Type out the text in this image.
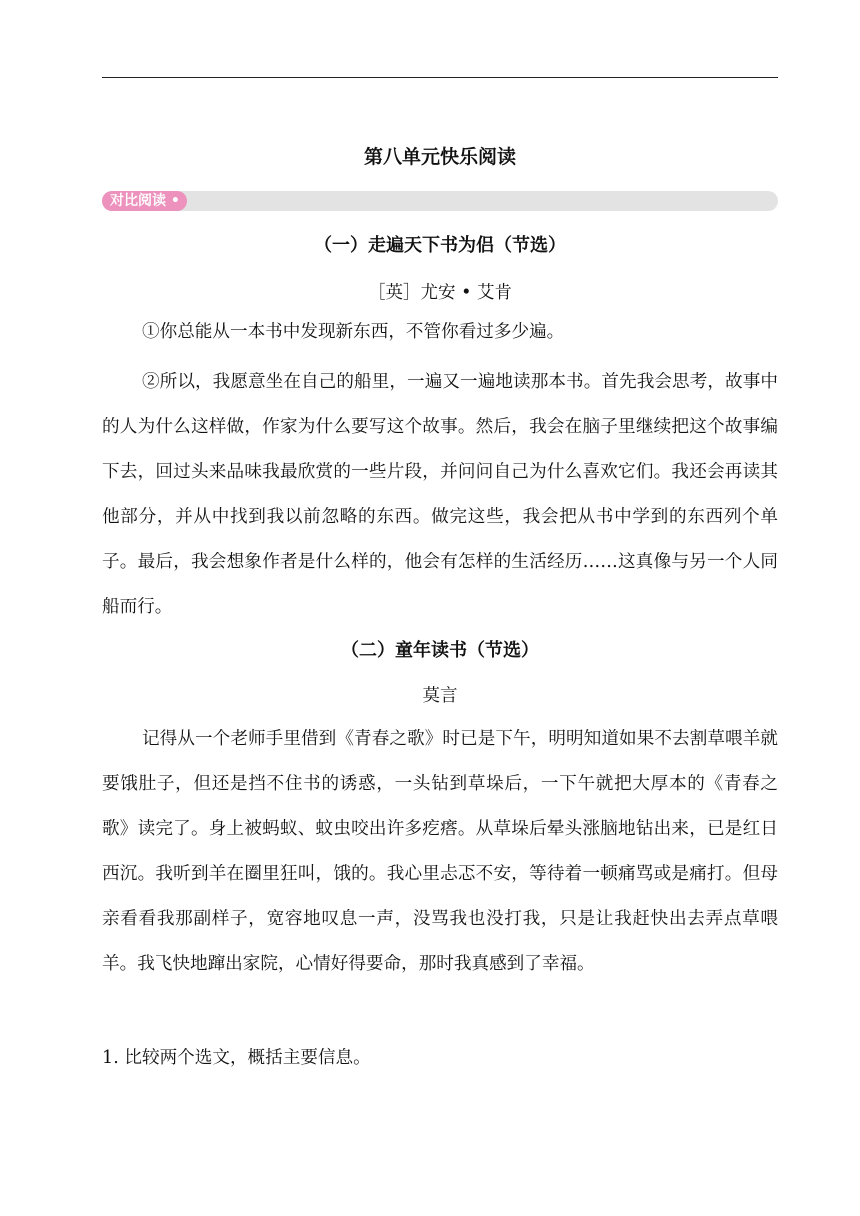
第八单元快乐阅读
对比阅读 •
（一）走遍天下书为侣（节选）
［英］尤安 • 艾肯

①你总能从一本书中发现新东西，不管你看过多少遍。

②所以，我愿意坐在自己的船里，一遍又一遍地读那本书。首先我会思考，故事中的人为什么这样做，作家为什么要写这个故事。然后，我会在脑子里继续把这个故事编下去，回过头来品味我最欣赏的一些片段，并问问自己为什么喜欢它们。我还会再读其他部分，并从中找到我以前忽略的东西。做完这些，我会把从书中学到的东西列个单子。最后，我会想象作者是什么样的，他会有怎样的生活经历……这真像与另一个人同船而行。

（二）童年读书（节选）
莫言

记得从一个老师手里借到《青春之歌》时已是下午，明明知道如果不去割草喂羊就要饿肚子，但还是挡不住书的诱惑，一头钻到草垛后，一下午就把大厚本的《青春之歌》读完了。身上被蚂蚁、蚊虫咬出许多疙瘩。从草垛后晕头涨脑地钻出来，已是红日西沉。我听到羊在圈里狂叫，饿的。我心里忐忑不安，等待着一顿痛骂或是痛打。但母亲看看我那副样子，宽容地叹息一声，没骂我也没打我，只是让我赶快出去弄点草喂羊。我飞快地蹿出家院，心情好得要命，那时我真感到了幸福。

1. 比较两个选文，概括主要信息。
